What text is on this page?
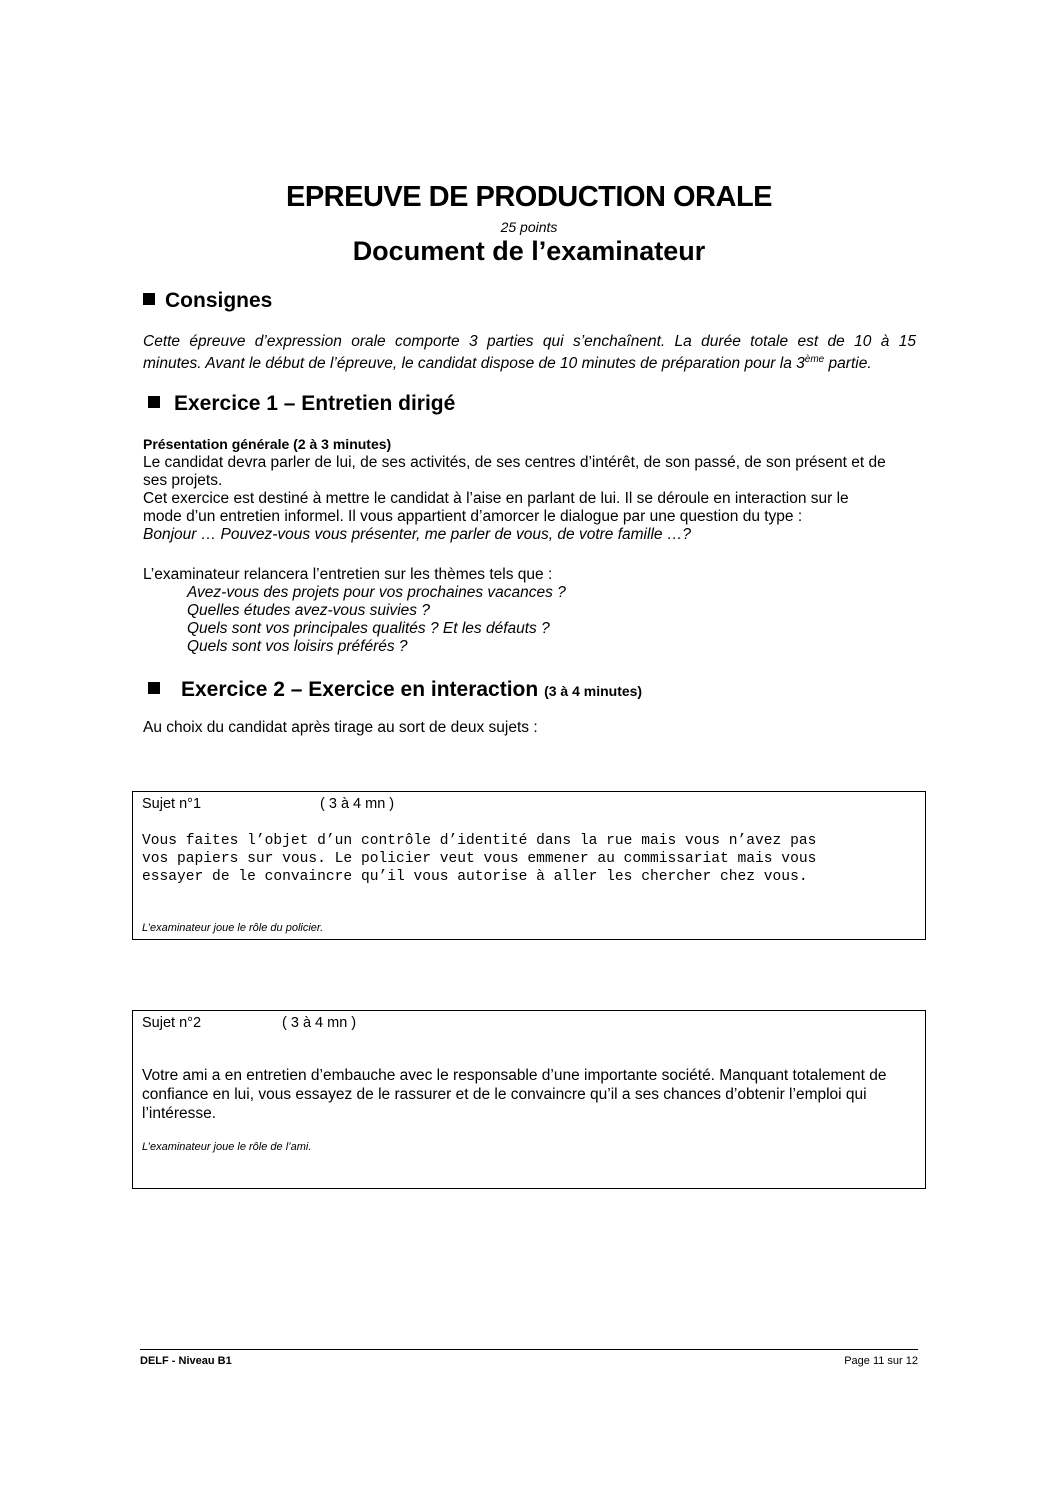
EPREUVE DE PRODUCTION ORALE
25 points
Document de l’examinateur
Consignes
Cette épreuve d’expression orale comporte 3 parties qui s’enchaînent. La durée totale est de 10 à 15
minutes. Avant le début de l’épreuve, le candidat dispose de 10 minutes de préparation pour la 3ème partie.
Exercice 1 – Entretien dirigé
Présentation générale (2 à 3 minutes)
Le candidat devra parler de lui, de ses activités, de ses centres d’intérêt, de son passé, de son présent et de
ses projets.
Cet exercice est destiné à mettre le candidat à l’aise en parlant de lui. Il se déroule en interaction sur le
mode d’un entretien informel. Il vous appartient d’amorcer le dialogue par une question du type :
Bonjour … Pouvez-vous vous présenter, me parler de vous, de votre famille …?
L’examinateur relancera l’entretien sur les thèmes tels que :
Avez-vous des projets pour vos prochaines vacances ?
Quelles études avez-vous suivies ?
Quels sont vos principales qualités ? Et les défauts ?
Quels sont vos loisirs préférés ?
Exercice 2 – Exercice en interaction (3 à 4 minutes)
Au choix du candidat après tirage au sort de deux sujets :
Sujet n°1	( 3 à 4 mn )
Vous faites l’objet d’un contrôle d’identité dans la rue mais vous n’avez pas
vos papiers sur vous. Le policier veut vous emmener au commissariat mais vous
essayer de le convaincre qu’il vous autorise à aller les chercher chez vous.
L’examinateur joue le rôle du policier.
Sujet n°2	( 3 à 4 mn )
Votre ami a en entretien d’embauche avec le responsable d’une importante société. Manquant totalement de
confiance en lui, vous essayez de le rassurer et de le convaincre qu’il a ses chances d’obtenir l’emploi qui
l’intéresse.
L’examinateur joue le rôle de l’ami.
DELF - Niveau B1	Page 11 sur 12
